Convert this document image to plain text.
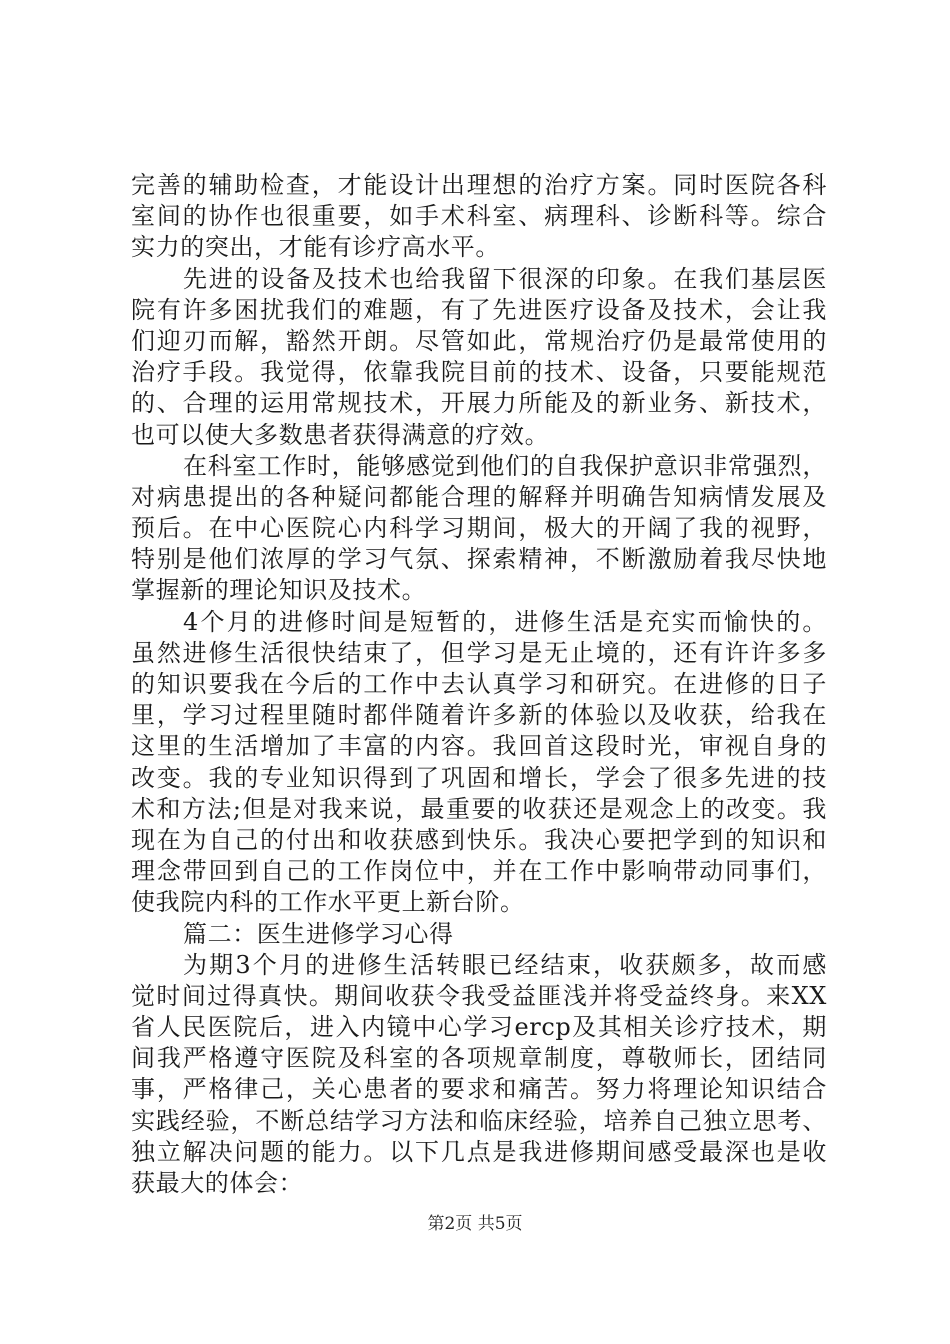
完善的辅助检查，才能设计出理想的治疗方案。同时医院各科
室间的协作也很重要，如手术科室、病理科、诊断科等。综合
实力的突出，才能有诊疗高水平。
先进的设备及技术也给我留下很深的印象。在我们基层医
院有许多困扰我们的难题，有了先进医疗设备及技术，会让我
们迎刃而解，豁然开朗。尽管如此，常规治疗仍是最常使用的
治疗手段。我觉得，依靠我院目前的技术、设备，只要能规范
的、合理的运用常规技术，开展力所能及的新业务、新技术，
也可以使大多数患者获得满意的疗效。
在科室工作时，能够感觉到他们的自我保护意识非常强烈，
对病患提出的各种疑问都能合理的解释并明确告知病情发展及
预后。在中心医院心内科学习期间，极大的开阔了我的视野，
特别是他们浓厚的学习气氛、探索精神，不断激励着我尽快地
掌握新的理论知识及技术。
4个月的进修时间是短暂的，进修生活是充实而愉快的。
虽然进修生活很快结束了，但学习是无止境的，还有许许多多
的知识要我在今后的工作中去认真学习和研究。在进修的日子
里，学习过程里随时都伴随着许多新的体验以及收获，给我在
这里的生活增加了丰富的内容。我回首这段时光，审视自身的
改变。我的专业知识得到了巩固和增长，学会了很多先进的技
术和方法;但是对我来说，最重要的收获还是观念上的改变。我
现在为自己的付出和收获感到快乐。我决心要把学到的知识和
理念带回到自己的工作岗位中，并在工作中影响带动同事们，
使我院内科的工作水平更上新台阶。
篇二：医生进修学习心得
为期3个月的进修生活转眼已经结束，收获颇多，故而感
觉时间过得真快。期间收获令我受益匪浅并将受益终身。来XX
省人民医院后，进入内镜中心学习ercp及其相关诊疗技术，期
间我严格遵守医院及科室的各项规章制度，尊敬师长，团结同
事，严格律己，关心患者的要求和痛苦。努力将理论知识结合
实践经验，不断总结学习方法和临床经验，培养自己独立思考、
独立解决问题的能力。以下几点是我进修期间感受最深也是收
获最大的体会：
第2页 共5页
